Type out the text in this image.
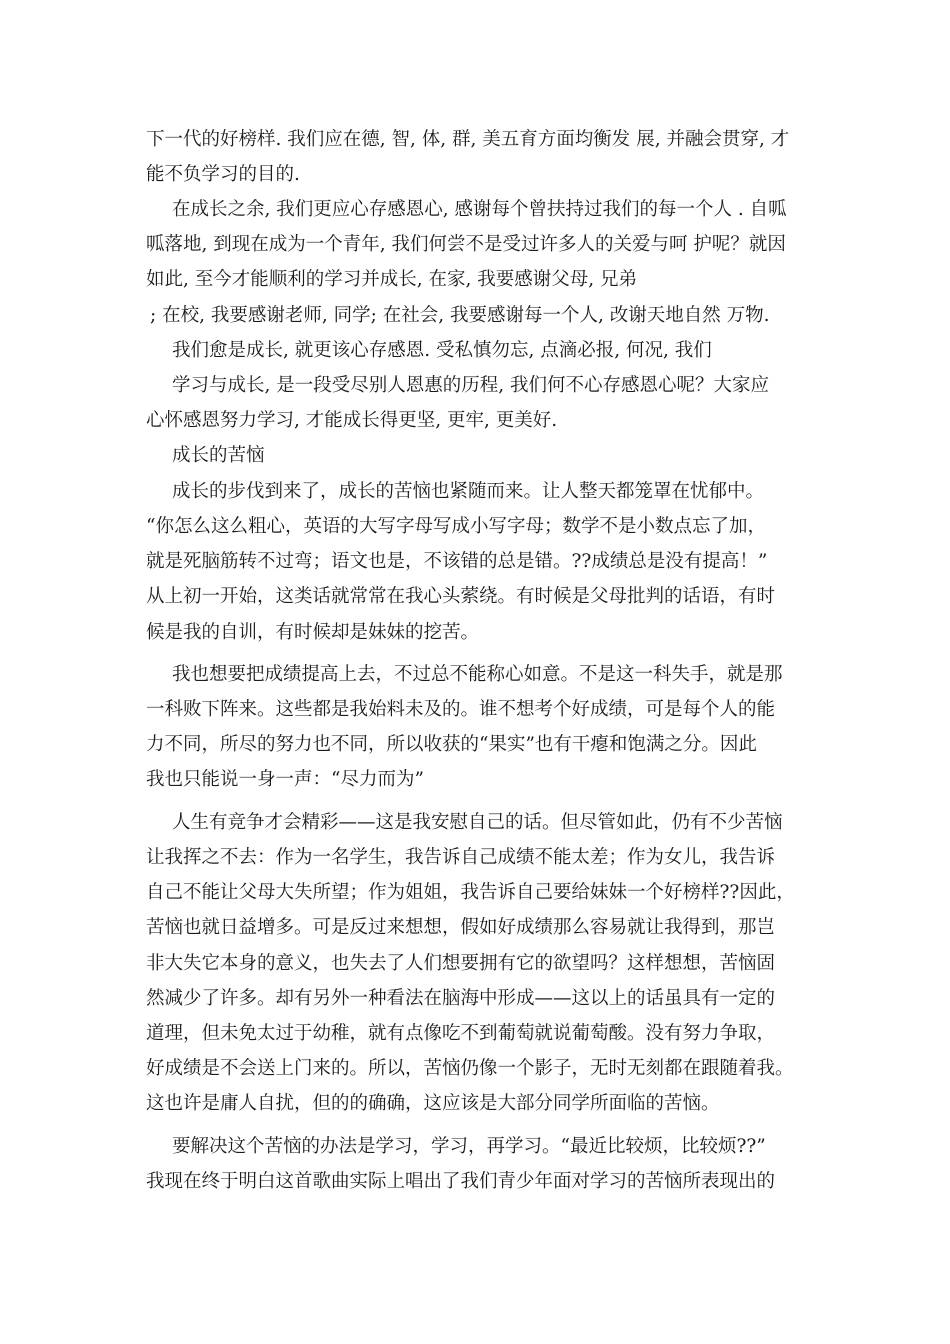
下一代的好榜样. 我们应在德, 智, 体, 群, 美五育方面均衡发 展, 并融会贯穿, 才
能不负学习的目的.
在成长之余, 我们更应心存感恩心, 感谢每个曾扶持过我们的每一个人 . 自呱
呱落地, 到现在成为一个青年, 我们何尝不是受过许多人的关爱与呵 护呢？就因
如此, 至今才能顺利的学习并成长, 在家, 我要感谢父母, 兄弟
; 在校, 我要感谢老师, 同学; 在社会, 我要感谢每一个人, 改谢天地自然 万物.
我们愈是成长, 就更该心存感恩. 受私慎勿忘, 点滴必报, 何况, 我们
学习与成长, 是一段受尽别人恩惠的历程, 我们何不心存感恩心呢？大家应
心怀感恩努力学习, 才能成长得更坚, 更牢, 更美好.
成长的苦恼
成长的步伐到来了，成长的苦恼也紧随而来。让人整天都笼罩在忧郁中。
“你怎么这么粗心，英语的大写字母写成小写字母；数学不是小数点忘了加，
就是死脑筋转不过弯；语文也是，不该错的总是错。??成绩总是没有提高！”
从上初一开始，这类话就常常在我心头萦绕。有时候是父母批判的话语，有时
候是我的自训，有时候却是妹妹的挖苦。
我也想要把成绩提高上去，不过总不能称心如意。不是这一科失手，就是那
一科败下阵来。这些都是我始料未及的。谁不想考个好成绩，可是每个人的能
力不同，所尽的努力也不同，所以收获的“果实”也有干瘪和饱满之分。因此
我也只能说一身一声：“尽力而为”
人生有竞争才会精彩——这是我安慰自己的话。但尽管如此，仍有不少苦恼
让我挥之不去：作为一名学生，我告诉自己成绩不能太差；作为女儿，我告诉
自己不能让父母大失所望；作为姐姐，我告诉自己要给妹妹一个好榜样??因此，
苦恼也就日益增多。可是反过来想想，假如好成绩那么容易就让我得到，那岂
非大失它本身的意义，也失去了人们想要拥有它的欲望吗？这样想想，苦恼固
然减少了许多。却有另外一种看法在脑海中形成——这以上的话虽具有一定的
道理，但未免太过于幼稚，就有点像吃不到葡萄就说葡萄酸。没有努力争取，
好成绩是不会送上门来的。所以，苦恼仍像一个影子，无时无刻都在跟随着我。
这也许是庸人自扰，但的的确确，这应该是大部分同学所面临的苦恼。
要解决这个苦恼的办法是学习，学习，再学习。“最近比较烦，比较烦??”
我现在终于明白这首歌曲实际上唱出了我们青少年面对学习的苦恼所表现出的
